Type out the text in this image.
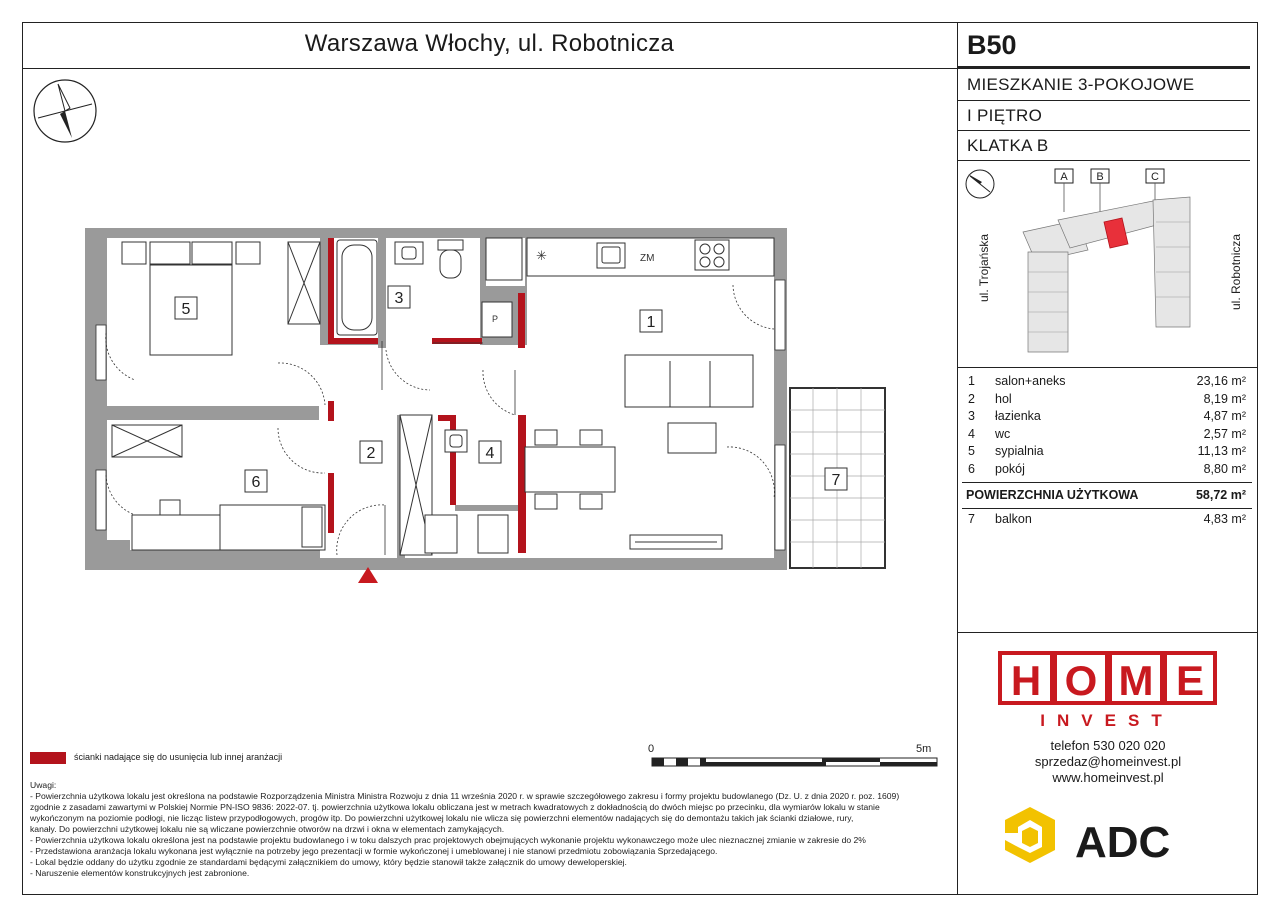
Warszawa Włochy, ul. Robotnicza
✳	ZM
P
5
1
2
3
4
6	7
ścianki nadające się do usunięcia lub innej aranżacji
0	5m
Uwagi:
- Powierzchnia użytkowa lokalu jest określona na podstawie Rozporządzenia Ministra Ministra Rozwoju z dnia 11 września 2020 r. w sprawie szczegółowego zakresu i formy projektu budowlanego (Dz. U. z dnia 2020 r. poz. 1609)
zgodnie z zasadami zawartymi w Polskiej Normie PN-ISO 9836: 2022-07. tj. powierzchnia użytkowa lokalu obliczana jest w metrach kwadratowych z dokładnością do dwóch miejsc po przecinku, dla wymiarów lokalu w stanie
wykończonym na poziomie podłogi, nie licząc listew przypodłogowych, progów itp. Do powierzchni użytkowej lokalu nie wlicza się powierzchni elementów nadających się do demontażu takich jak ścianki działowe, rury,
kanały. Do powierzchni użytkowej lokalu nie są wliczane powierzchnie otworów na drzwi i okna w elementach zamykających.
- Powierzchnia użytkowa lokalu określona jest na podstawie projektu budowlanego i w toku dalszych prac projektowych obejmujących wykonanie projektu wykonawczego może ulec nieznacznej zmianie w zakresie do 2%
- Przedstawiona aranżacja lokalu wykonana jest wyłącznie na potrzeby jego prezentacji w formie wykończonej i umeblowanej i nie stanowi przedmiotu zobowiązania Sprzedającego.
- Lokal będzie oddany do użytku zgodnie ze standardami będącymi załącznikiem do umowy, który będzie stanowił także załącznik do umowy deweloperskiej.
- Naruszenie elementów konstrukcyjnych jest zabronione.
B50
MIESZKANIE 3-POKOJOWE
I PIĘTRO
KLATKA B
A	B	C
ul. Trojańska	ul. Robotnicza
1 salon+aneks	23,16 m²
2 hol	8,19 m²
3 łazienka	4,87 m²
4 wc	2,57 m²
5 sypialnia	11,13 m²
6 pokój	8,80 m²
POWIERZCHNIA UŻYTKOWA	58,72 m²
7 balkon	4,83 m²
H O M E
INVEST
telefon 530 020 020
sprzedaz@homeinvest.pl
www.homeinvest.pl
ADC
